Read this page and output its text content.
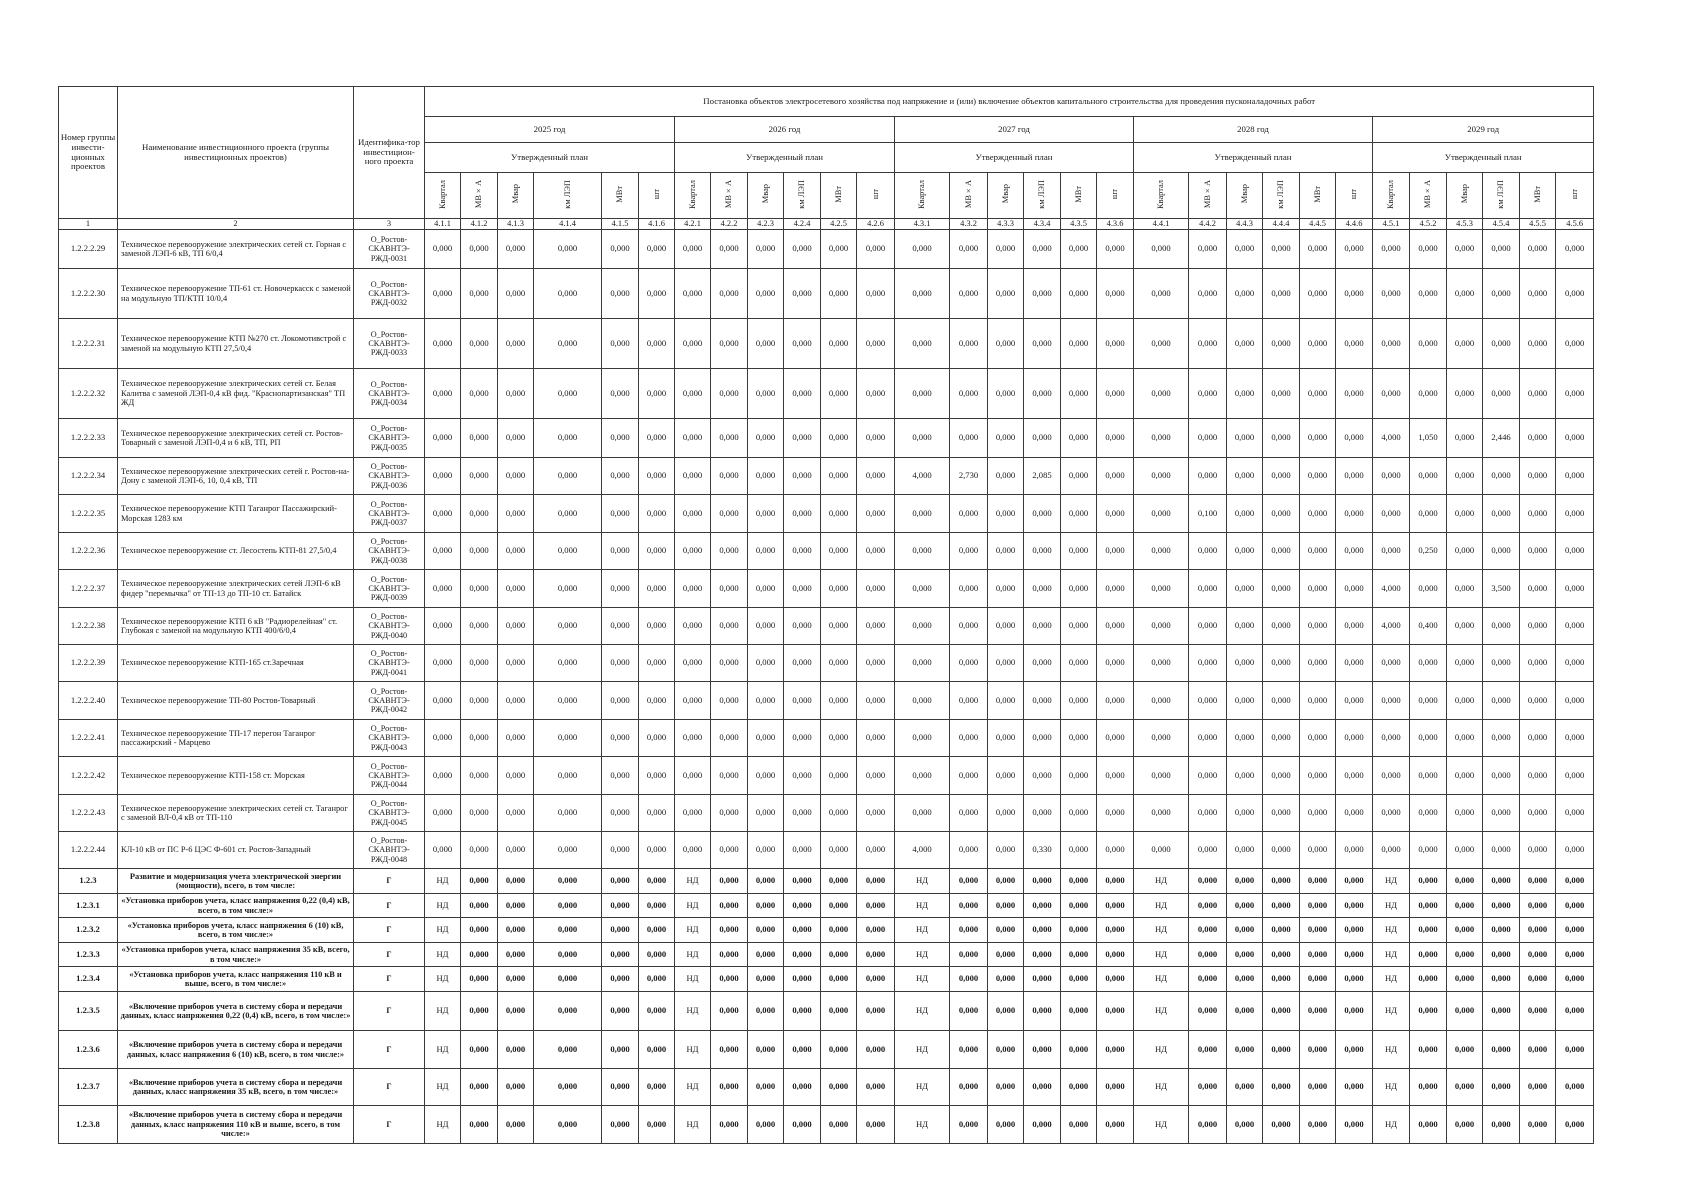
Номер группы инвести-ционных проектов	Наименование инвестиционного проекта (группы инвестиционных проектов)	Идентифика-тор инвестицион-ного проекта	Постановка объектов электросетевого хозяйства под напряжение и (или) включение объектов капитального строительства для проведения пусконаладочных работ																													
			2025 год						2026 год						2027 год						2028 год						2029 год					
			Утвержденный план						Утвержденный план						Утвержденный план						Утвержденный план						Утвержденный план					
			Квартал	МВ×А	Мвар	км ЛЭП	МВт	шт	Квартал	МВ×А	Мвар	км ЛЭП	МВт	шт	Квартал	МВ×А	Мвар	км ЛЭП	МВт	шт	Квартал	МВ×А	Мвар	км ЛЭП	МВт	шт	Квартал	МВ×А	Мвар	км ЛЭП	МВт	шт
1	2	3	4.1.1	4.1.2	4.1.3	4.1.4	4.1.5	4.1.6	4.2.1	4.2.2	4.2.3	4.2.4	4.2.5	4.2.6	4.3.1	4.3.2	4.3.3	4.3.4	4.3.5	4.3.6	4.4.1	4.4.2	4.4.3	4.4.4	4.4.5	4.4.6	4.5.1	4.5.2	4.5.3	4.5.4	4.5.5	4.5.6
1.2.2.2.29	Техническое перевооружение электрических сетей ст. Горная с заменой ЛЭП-6 кВ, ТП 6/0,4	О_Ростов-СКАВНТЭ-РЖД-0031	0,000	0,000	0,000	0,000	0,000	0,000	0,000	0,000	0,000	0,000	0,000	0,000	0,000	0,000	0,000	0,000	0,000	0,000	0,000	0,000	0,000	0,000	0,000	0,000	0,000	0,000	0,000	0,000	0,000	0,000
1.2.2.2.30	Техническое перевооружение ТП-61 ст. Новочеркасск с заменой на модульную ТП/КТП 10/0,4	О_Ростов-СКАВНТЭ-РЖД-0032	0,000	0,000	0,000	0,000	0,000	0,000	0,000	0,000	0,000	0,000	0,000	0,000	0,000	0,000	0,000	0,000	0,000	0,000	0,000	0,000	0,000	0,000	0,000	0,000	0,000	0,000	0,000	0,000	0,000	0,000
1.2.2.2.31	Техническое перевооружение КТП №270 ст. Локомотивстрой с заменой на модульную КТП 27,5/0,4	О_Ростов-СКАВНТЭ-РЖД-0033	0,000	0,000	0,000	0,000	0,000	0,000	0,000	0,000	0,000	0,000	0,000	0,000	0,000	0,000	0,000	0,000	0,000	0,000	0,000	0,000	0,000	0,000	0,000	0,000	0,000	0,000	0,000	0,000	0,000	0,000
1.2.2.2.32	Техническое перевооружение электрических сетей ст. Белая Калитва с заменой ЛЭП-0,4 кВ фид. "Краснопартизанская" ТП ЖД	О_Ростов-СКАВНТЭ-РЖД-0034	0,000	0,000	0,000	0,000	0,000	0,000	0,000	0,000	0,000	0,000	0,000	0,000	0,000	0,000	0,000	0,000	0,000	0,000	0,000	0,000	0,000	0,000	0,000	0,000	0,000	0,000	0,000	0,000	0,000	0,000
1.2.2.2.33	Техническое перевооружение электрических сетей ст. Ростов-Товарный с заменой ЛЭП-0,4 и 6 кВ, ТП, РП	О_Ростов-СКАВНТЭ-РЖД-0035	0,000	0,000	0,000	0,000	0,000	0,000	0,000	0,000	0,000	0,000	0,000	0,000	0,000	0,000	0,000	0,000	0,000	0,000	0,000	0,000	0,000	0,000	0,000	0,000	4,000	1,050	0,000	2,446	0,000	0,000
1.2.2.2.34	Техническое перевооружение электрических сетей г. Ростов-на-Дону с заменой ЛЭП-6, 10, 0,4 кВ, ТП	О_Ростов-СКАВНТЭ-РЖД-0036	0,000	0,000	0,000	0,000	0,000	0,000	0,000	0,000	0,000	0,000	0,000	0,000	4,000	2,730	0,000	2,085	0,000	0,000	0,000	0,000	0,000	0,000	0,000	0,000	0,000	0,000	0,000	0,000	0,000	0,000
1.2.2.2.35	Техническое перевооружение КТП Таганрог Пассажирский- Морская 1283 км	О_Ростов-СКАВНТЭ-РЖД-0037	0,000	0,000	0,000	0,000	0,000	0,000	0,000	0,000	0,000	0,000	0,000	0,000	0,000	0,000	0,000	0,000	0,000	0,000	0,000	0,100	0,000	0,000	0,000	0,000	0,000	0,000	0,000	0,000	0,000	0,000
1.2.2.2.36	Техническое перевооружение ст. Лесостепь КТП-81 27,5/0,4	О_Ростов-СКАВНТЭ-РЖД-0038	0,000	0,000	0,000	0,000	0,000	0,000	0,000	0,000	0,000	0,000	0,000	0,000	0,000	0,000	0,000	0,000	0,000	0,000	0,000	0,000	0,000	0,000	0,000	0,000	0,000	0,250	0,000	0,000	0,000	0,000
1.2.2.2.37	Техническое перевооружение электрических сетей ЛЭП-6 кВ фидер "перемычка" от ТП-13 до ТП-10 ст. Батайск	О_Ростов-СКАВНТЭ-РЖД-0039	0,000	0,000	0,000	0,000	0,000	0,000	0,000	0,000	0,000	0,000	0,000	0,000	0,000	0,000	0,000	0,000	0,000	0,000	0,000	0,000	0,000	0,000	0,000	0,000	4,000	0,000	0,000	3,500	0,000	0,000
1.2.2.2.38	Техническое перевооружение КТП 6 кВ "Радиорелейная" ст. Глубокая с заменой на модульную КТП 400/6/0,4	О_Ростов-СКАВНТЭ-РЖД-0040	0,000	0,000	0,000	0,000	0,000	0,000	0,000	0,000	0,000	0,000	0,000	0,000	0,000	0,000	0,000	0,000	0,000	0,000	0,000	0,000	0,000	0,000	0,000	0,000	4,000	0,400	0,000	0,000	0,000	0,000
1.2.2.2.39	Техническое перевооружение КТП-165 ст.Заречная	О_Ростов-СКАВНТЭ-РЖД-0041	0,000	0,000	0,000	0,000	0,000	0,000	0,000	0,000	0,000	0,000	0,000	0,000	0,000	0,000	0,000	0,000	0,000	0,000	0,000	0,000	0,000	0,000	0,000	0,000	0,000	0,000	0,000	0,000	0,000	0,000
1.2.2.2.40	Техническое перевооружение ТП-80 Ростов-Товарный	О_Ростов-СКАВНТЭ-РЖД-0042	0,000	0,000	0,000	0,000	0,000	0,000	0,000	0,000	0,000	0,000	0,000	0,000	0,000	0,000	0,000	0,000	0,000	0,000	0,000	0,000	0,000	0,000	0,000	0,000	0,000	0,000	0,000	0,000	0,000	0,000
1.2.2.2.41	Техническое перевооружение ТП-17 перегон Таганрог пассажирский - Марцево	О_Ростов-СКАВНТЭ-РЖД-0043	0,000	0,000	0,000	0,000	0,000	0,000	0,000	0,000	0,000	0,000	0,000	0,000	0,000	0,000	0,000	0,000	0,000	0,000	0,000	0,000	0,000	0,000	0,000	0,000	0,000	0,000	0,000	0,000	0,000	0,000
1.2.2.2.42	Техническое перевооружение КТП-158 ст. Морская	О_Ростов-СКАВНТЭ-РЖД-0044	0,000	0,000	0,000	0,000	0,000	0,000	0,000	0,000	0,000	0,000	0,000	0,000	0,000	0,000	0,000	0,000	0,000	0,000	0,000	0,000	0,000	0,000	0,000	0,000	0,000	0,000	0,000	0,000	0,000	0,000
1.2.2.2.43	Техническое перевооружение электрических сетей ст. Таганрог с заменой ВЛ-0,4 кВ от ТП-110	О_Ростов-СКАВНТЭ-РЖД-0045	0,000	0,000	0,000	0,000	0,000	0,000	0,000	0,000	0,000	0,000	0,000	0,000	0,000	0,000	0,000	0,000	0,000	0,000	0,000	0,000	0,000	0,000	0,000	0,000	0,000	0,000	0,000	0,000	0,000	0,000
1.2.2.2.44	КЛ-10 кВ от ПС Р-6 ЦЭС Ф-601 ст. Ростов-Западный	О_Ростов-СКАВНТЭ-РЖД-0048	0,000	0,000	0,000	0,000	0,000	0,000	0,000	0,000	0,000	0,000	0,000	0,000	4,000	0,000	0,000	0,330	0,000	0,000	0,000	0,000	0,000	0,000	0,000	0,000	0,000	0,000	0,000	0,000	0,000	0,000
1.2.3	Развитие и модернизация учета электрической энергии (мощности), всего, в том числе:	Г	НД	0,000	0,000	0,000	0,000	0,000	НД	0,000	0,000	0,000	0,000	0,000	НД	0,000	0,000	0,000	0,000	0,000	НД	0,000	0,000	0,000	0,000	0,000	НД	0,000	0,000	0,000	0,000	0,000
1.2.3.1	«Установка приборов учета, класс напряжения 0,22 (0,4) кВ, всего, в том числе:»	Г	НД	0,000	0,000	0,000	0,000	0,000	НД	0,000	0,000	0,000	0,000	0,000	НД	0,000	0,000	0,000	0,000	0,000	НД	0,000	0,000	0,000	0,000	0,000	НД	0,000	0,000	0,000	0,000	0,000
1.2.3.2	«Установка приборов учета, класс напряжения 6 (10) кВ, всего, в том числе:»	Г	НД	0,000	0,000	0,000	0,000	0,000	НД	0,000	0,000	0,000	0,000	0,000	НД	0,000	0,000	0,000	0,000	0,000	НД	0,000	0,000	0,000	0,000	0,000	НД	0,000	0,000	0,000	0,000	0,000
1.2.3.3	«Установка приборов учета, класс напряжения 35 кВ, всего, в том числе:»	Г	НД	0,000	0,000	0,000	0,000	0,000	НД	0,000	0,000	0,000	0,000	0,000	НД	0,000	0,000	0,000	0,000	0,000	НД	0,000	0,000	0,000	0,000	0,000	НД	0,000	0,000	0,000	0,000	0,000
1.2.3.4	«Установка приборов учета, класс напряжения 110 кВ и выше, всего, в том числе:»	Г	НД	0,000	0,000	0,000	0,000	0,000	НД	0,000	0,000	0,000	0,000	0,000	НД	0,000	0,000	0,000	0,000	0,000	НД	0,000	0,000	0,000	0,000	0,000	НД	0,000	0,000	0,000	0,000	0,000
1.2.3.5	«Включение приборов учета в систему сбора и передачи данных, класс напряжения 0,22 (0,4) кВ, всего, в том числе:»	Г	НД	0,000	0,000	0,000	0,000	0,000	НД	0,000	0,000	0,000	0,000	0,000	НД	0,000	0,000	0,000	0,000	0,000	НД	0,000	0,000	0,000	0,000	0,000	НД	0,000	0,000	0,000	0,000	0,000
1.2.3.6	«Включение приборов учета в систему сбора и передачи данных, класс напряжения 6 (10) кВ, всего, в том числе:»	Г	НД	0,000	0,000	0,000	0,000	0,000	НД	0,000	0,000	0,000	0,000	0,000	НД	0,000	0,000	0,000	0,000	0,000	НД	0,000	0,000	0,000	0,000	0,000	НД	0,000	0,000	0,000	0,000	0,000
1.2.3.7	«Включение приборов учета в систему сбора и передачи данных, класс напряжения 35 кВ, всего, в том числе:»	Г	НД	0,000	0,000	0,000	0,000	0,000	НД	0,000	0,000	0,000	0,000	0,000	НД	0,000	0,000	0,000	0,000	0,000	НД	0,000	0,000	0,000	0,000	0,000	НД	0,000	0,000	0,000	0,000	0,000
1.2.3.8	«Включение приборов учета в систему сбора и передачи данных, класс напряжения 110 кВ и выше, всего, в том числе:»	Г	НД	0,000	0,000	0,000	0,000	0,000	НД	0,000	0,000	0,000	0,000	0,000	НД	0,000	0,000	0,000	0,000	0,000	НД	0,000	0,000	0,000	0,000	0,000	НД	0,000	0,000	0,000	0,000	0,000
